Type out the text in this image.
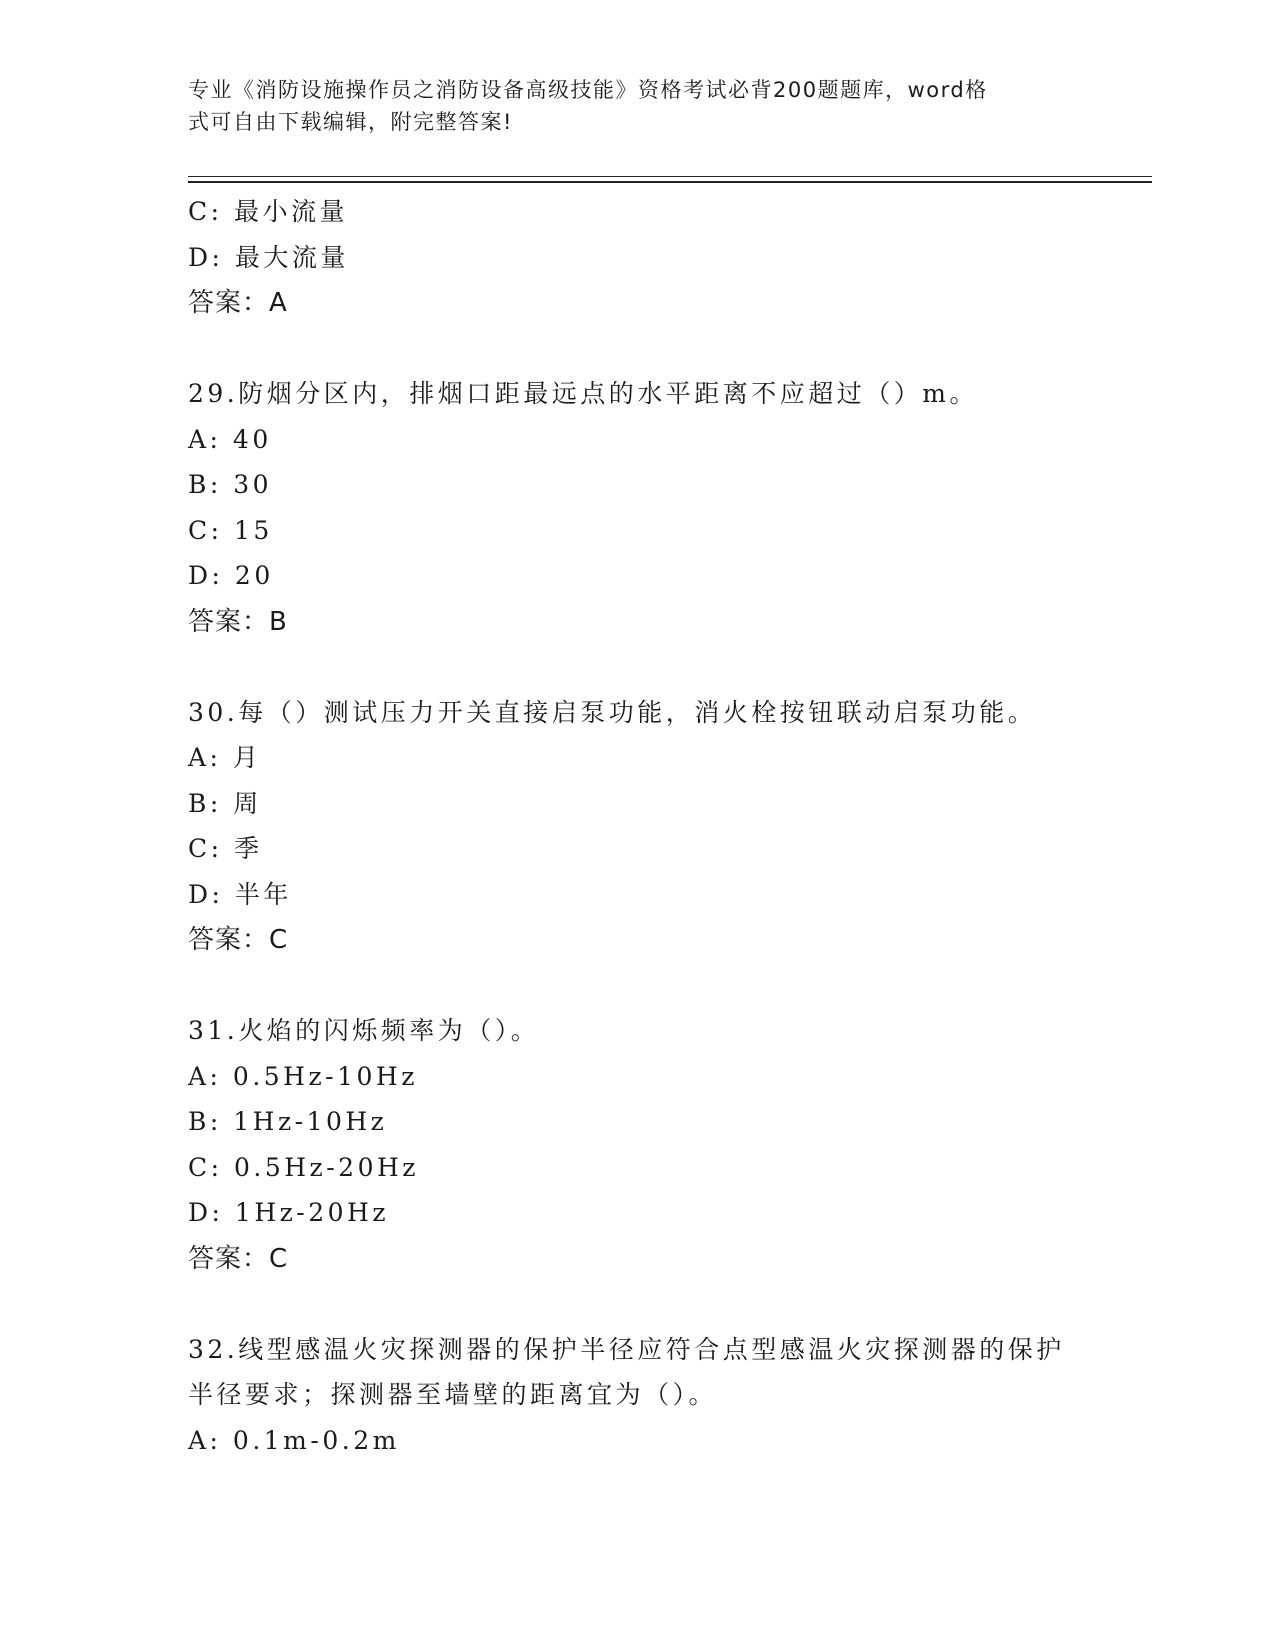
专业《消防设施操作员之消防设备高级技能》资格考试必背200题题库，word格
式可自由下载编辑，附完整答案!
C: 最小流量
D: 最大流量
答案：A
29.防烟分区内，排烟口距最远点的水平距离不应超过（）m。
A: 40
B: 30
C: 15
D: 20
答案：B
30.每（）测试压力开关直接启泵功能，消火栓按钮联动启泵功能。
A: 月
B: 周
C: 季
D: 半年
答案：C
31.火焰的闪烁频率为（）。
A: 0.5Hz-10Hz
B: 1Hz-10Hz
C: 0.5Hz-20Hz
D: 1Hz-20Hz
答案：C
32.线型感温火灾探测器的保护半径应符合点型感温火灾探测器的保护
半径要求；探测器至墙壁的距离宜为（）。
A: 0.1m-0.2m
